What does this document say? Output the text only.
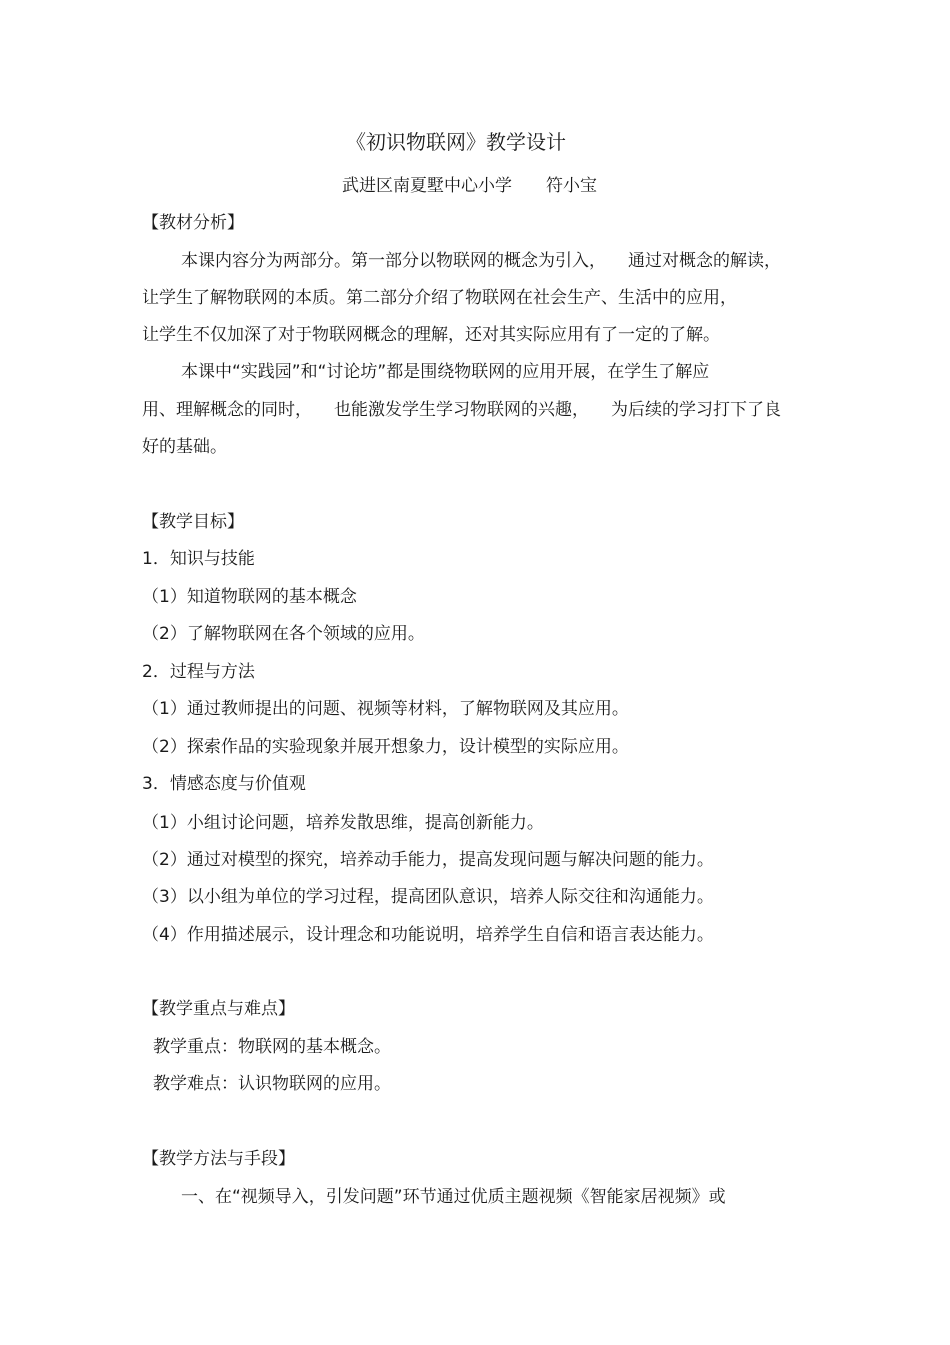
《初识物联网》教学设计

武进区南夏墅中心小学 符小宝

【教材分析】

本课内容分为两部分。第一部分以物联网的概念为引入， 通过对概念的解读，

让学生了解物联网的本质。第二部分介绍了物联网在社会生产、生活中的应用，

让学生不仅加深了对于物联网概念的理解，还对其实际应用有了一定的了解。

本课中“实践园”和“讨论坊”都是围绕物联网的应用开展，在学生了解应

用、理解概念的同时， 也能激发学生学习物联网的兴趣， 为后续的学习打下了良

好的基础。

【教学目标】

1．知识与技能

（1）知道物联网的基本概念

（2）了解物联网在各个领域的应用。

2．过程与方法

（1）通过教师提出的问题、视频等材料，了解物联网及其应用。

（2）探索作品的实验现象并展开想象力，设计模型的实际应用。

3．情感态度与价值观

（1）小组讨论问题，培养发散思维，提高创新能力。

（2）通过对模型的探究，培养动手能力，提高发现问题与解决问题的能力。

（3）以小组为单位的学习过程，提高团队意识，培养人际交往和沟通能力。

（4）作用描述展示，设计理念和功能说明，培养学生自信和语言表达能力。

【教学重点与难点】

教学重点：物联网的基本概念。

教学难点：认识物联网的应用。

【教学方法与手段】

一、在“视频导入，引发问题”环节通过优质主题视频《智能家居视频》或
